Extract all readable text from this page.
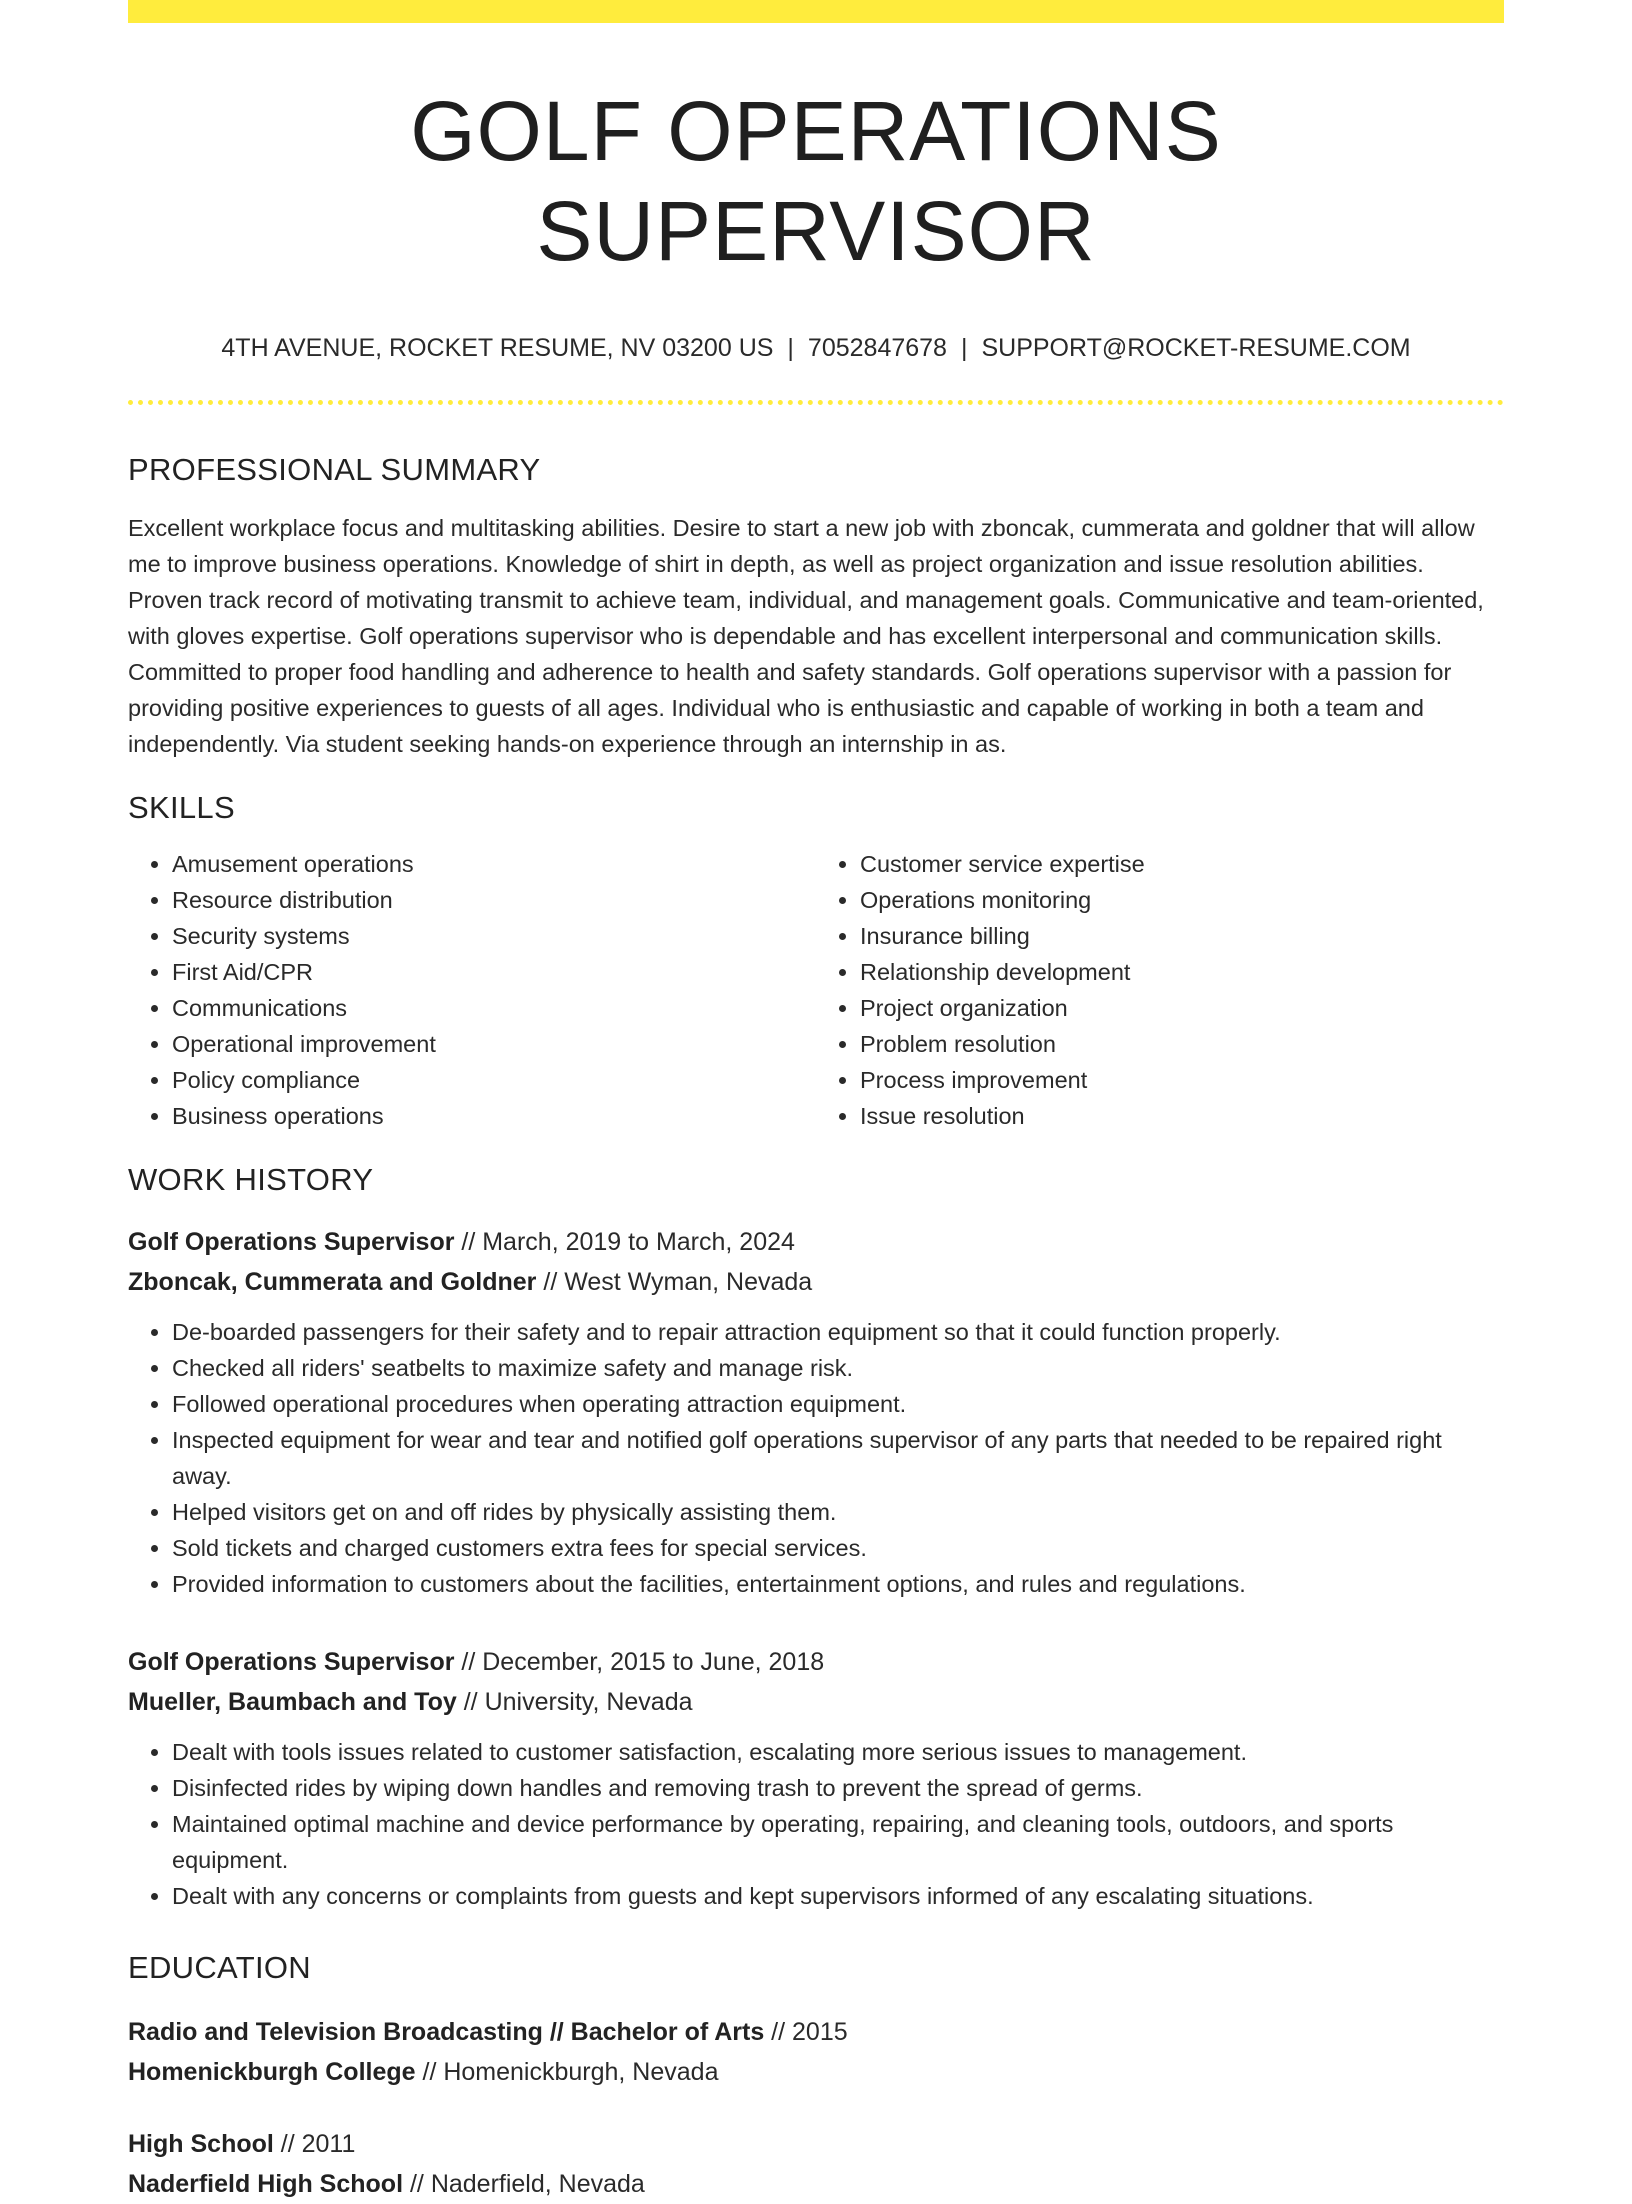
GOLF OPERATIONS SUPERVISOR
4TH AVENUE, ROCKET RESUME, NV 03200 US | 7052847678 | SUPPORT@ROCKET-RESUME.COM
PROFESSIONAL SUMMARY

Excellent workplace focus and multitasking abilities. Desire to start a new job with zboncak, cummerata and goldner that will allow me to improve business operations. Knowledge of shirt in depth, as well as project organization and issue resolution abilities. Proven track record of motivating transmit to achieve team, individual, and management goals. Communicative and team-oriented, with gloves expertise. Golf operations supervisor who is dependable and has excellent interpersonal and communication skills. Committed to proper food handling and adherence to health and safety standards. Golf operations supervisor with a passion for providing positive experiences to guests of all ages. Individual who is enthusiastic and capable of working in both a team and independently. Via student seeking hands-on experience through an internship in as.

SKILLS
• Amusement operations
• Resource distribution
• Security systems
• First Aid/CPR
• Communications
• Operational improvement
• Policy compliance
• Business operations
• Customer service expertise
• Operations monitoring
• Insurance billing
• Relationship development
• Project organization
• Problem resolution
• Process improvement
• Issue resolution
WORK HISTORY
Golf Operations Supervisor // March, 2019 to March, 2024
Zboncak, Cummerata and Goldner // West Wyman, Nevada
• De-boarded passengers for their safety and to repair attraction equipment so that it could function properly.
• Checked all riders' seatbelts to maximize safety and manage risk.
• Followed operational procedures when operating attraction equipment.
• Inspected equipment for wear and tear and notified golf operations supervisor of any parts that needed to be repaired right away.
• Helped visitors get on and off rides by physically assisting them.
• Sold tickets and charged customers extra fees for special services.
• Provided information to customers about the facilities, entertainment options, and rules and regulations.
Golf Operations Supervisor // December, 2015 to June, 2018
Mueller, Baumbach and Toy // University, Nevada
• Dealt with tools issues related to customer satisfaction, escalating more serious issues to management.
• Disinfected rides by wiping down handles and removing trash to prevent the spread of germs.
• Maintained optimal machine and device performance by operating, repairing, and cleaning tools, outdoors, and sports equipment.
• Dealt with any concerns or complaints from guests and kept supervisors informed of any escalating situations.
EDUCATION
Radio and Television Broadcasting // Bachelor of Arts // 2015
Homenickburgh College // Homenickburgh, Nevada
High School // 2011
Naderfield High School // Naderfield, Nevada
